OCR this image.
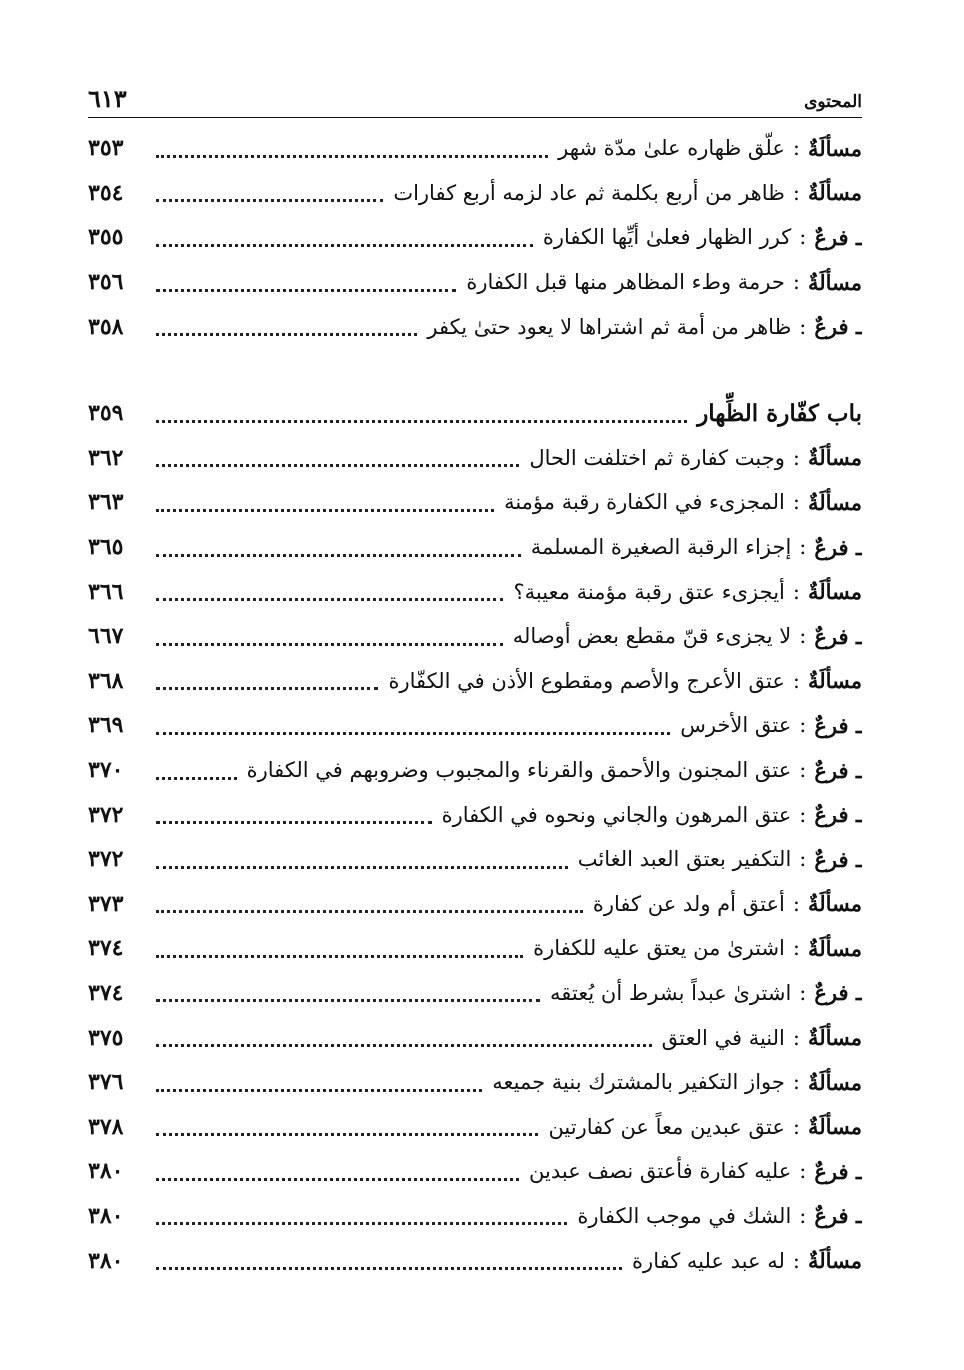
٦١٣	المحتوى
مسألَةٌ
:
علّق ظهاره علىٰ مدّة شهر
٣٥٣
مسألَةٌ
:
ظاهر من أربع بكلمة ثم عاد لزمه أربع كفارات
٣٥٤
ـ فرعٌ
:
كرر الظهار فعلىٰ أيِّها الكفارة
٣٥٥
مسألَةٌ
:
حرمة وطء المظاهر منها قبل الكفارة
٣٥٦
ـ فرعٌ
:
ظاهر من أمة ثم اشتراها لا يعود حتىٰ يكفر
٣٥٨
باب كفّارة الظِّهار
٣٥٩
مسألَةٌ
:
وجبت كفارة ثم اختلفت الحال
٣٦٢
مسألَةٌ
:
المجزىء في الكفارة رقبة مؤمنة
٣٦٣
ـ فرعٌ
:
إجزاء الرقبة الصغيرة المسلمة
٣٦٥
مسألَةٌ
:
أيجزىء عتق رقبة مؤمنة معيبة؟
٣٦٦
ـ فرعٌ
:
لا يجزىء قنّ مقطع بعض أوصاله
٦٦٧
مسألَةٌ
:
عتق الأعرج والأصم ومقطوع الأذن في الكفّارة
٣٦٨
ـ فرعٌ
:
عتق الأخرس
٣٦٩
ـ فرعٌ
:
عتق المجنون والأحمق والقرناء والمجبوب وضروبهم في الكفارة
٣٧٠
ـ فرعٌ
:
عتق المرهون والجاني ونحوه في الكفارة
٣٧٢
ـ فرعٌ
:
التكفير بعتق العبد الغائب
٣٧٢
مسألَةٌ
:
أعتق أم ولد عن كفارة
٣٧٣
مسألَةٌ
:
اشترىٰ من يعتق عليه للكفارة
٣٧٤
ـ فرعٌ
:
اشترىٰ عبداً بشرط أن يُعتقه
٣٧٤
مسألَةٌ
:
النية في العتق
٣٧٥
مسألَةٌ
:
جواز التكفير بالمشترك بنية جميعه
٣٧٦
مسألَةٌ
:
عتق عبدين معاً عن كفارتين
٣٧٨
ـ فرعٌ
:
عليه كفارة فأعتق نصف عبدين
٣٨٠
ـ فرعٌ
:
الشك في موجب الكفارة
٣٨٠
مسألَةٌ
:
له عبد عليه كفارة
٣٨٠
